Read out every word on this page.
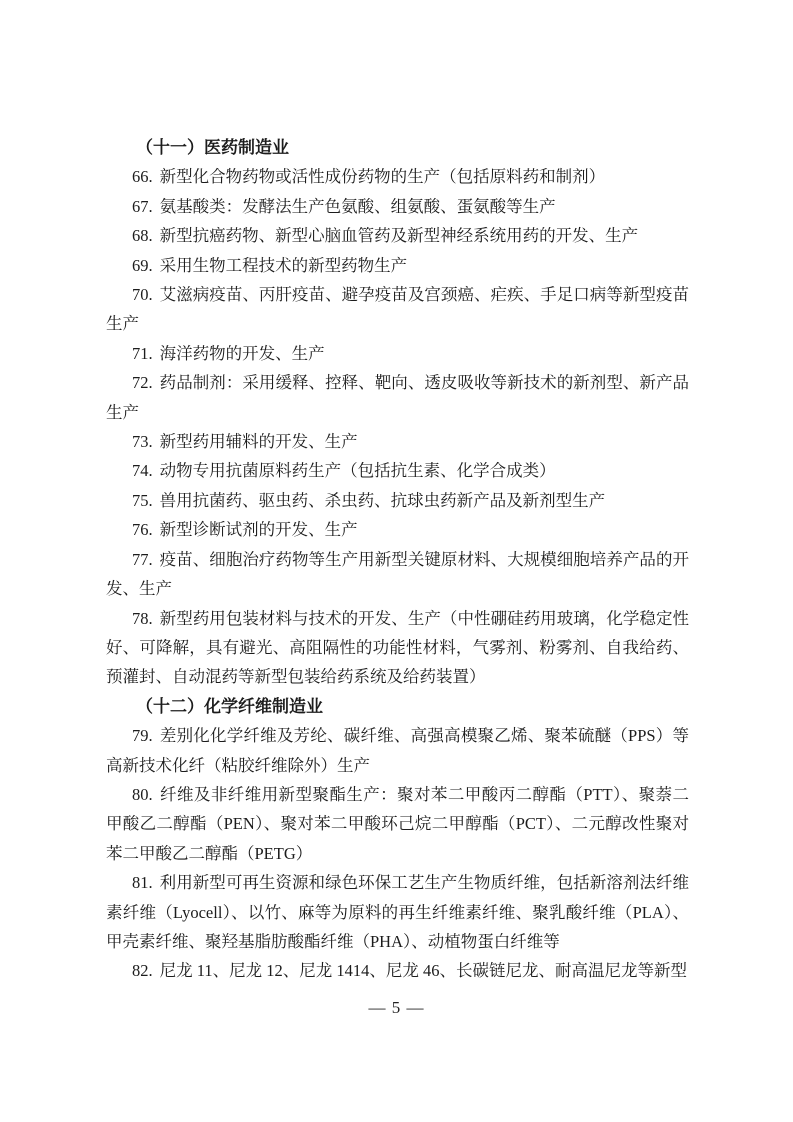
（十一）医药制造业

66. 新型化合物药物或活性成份药物的生产（包括原料药和制剂）

67. 氨基酸类：发酵法生产色氨酸、组氨酸、蛋氨酸等生产

68. 新型抗癌药物、新型心脑血管药及新型神经系统用药的开发、生产

69. 采用生物工程技术的新型药物生产

70. 艾滋病疫苗、丙肝疫苗、避孕疫苗及宫颈癌、疟疾、手足口病等新型疫苗生产

71. 海洋药物的开发、生产

72. 药品制剂：采用缓释、控释、靶向、透皮吸收等新技术的新剂型、新产品生产

73. 新型药用辅料的开发、生产

74. 动物专用抗菌原料药生产（包括抗生素、化学合成类）

75. 兽用抗菌药、驱虫药、杀虫药、抗球虫药新产品及新剂型生产

76. 新型诊断试剂的开发、生产

77. 疫苗、细胞治疗药物等生产用新型关键原材料、大规模细胞培养产品的开发、生产

78. 新型药用包装材料与技术的开发、生产（中性硼硅药用玻璃，化学稳定性好、可降解，具有避光、高阻隔性的功能性材料，气雾剂、粉雾剂、自我给药、预灌封、自动混药等新型包装给药系统及给药装置）

（十二）化学纤维制造业

79. 差别化化学纤维及芳纶、碳纤维、高强高模聚乙烯、聚苯硫醚（PPS）等高新技术化纤（粘胶纤维除外）生产

80. 纤维及非纤维用新型聚酯生产：聚对苯二甲酸丙二醇酯（PTT）、聚萘二甲酸乙二醇酯（PEN）、聚对苯二甲酸环己烷二甲醇酯（PCT）、二元醇改性聚对苯二甲酸乙二醇酯（PETG）

81. 利用新型可再生资源和绿色环保工艺生产生物质纤维，包括新溶剂法纤维素纤维（Lyocell）、以竹、麻等为原料的再生纤维素纤维、聚乳酸纤维（PLA）、甲壳素纤维、聚羟基脂肪酸酯纤维（PHA）、动植物蛋白纤维等

82. 尼龙 11、尼龙 12、尼龙 1414、尼龙 46、长碳链尼龙、耐高温尼龙等新型

— 5 —
